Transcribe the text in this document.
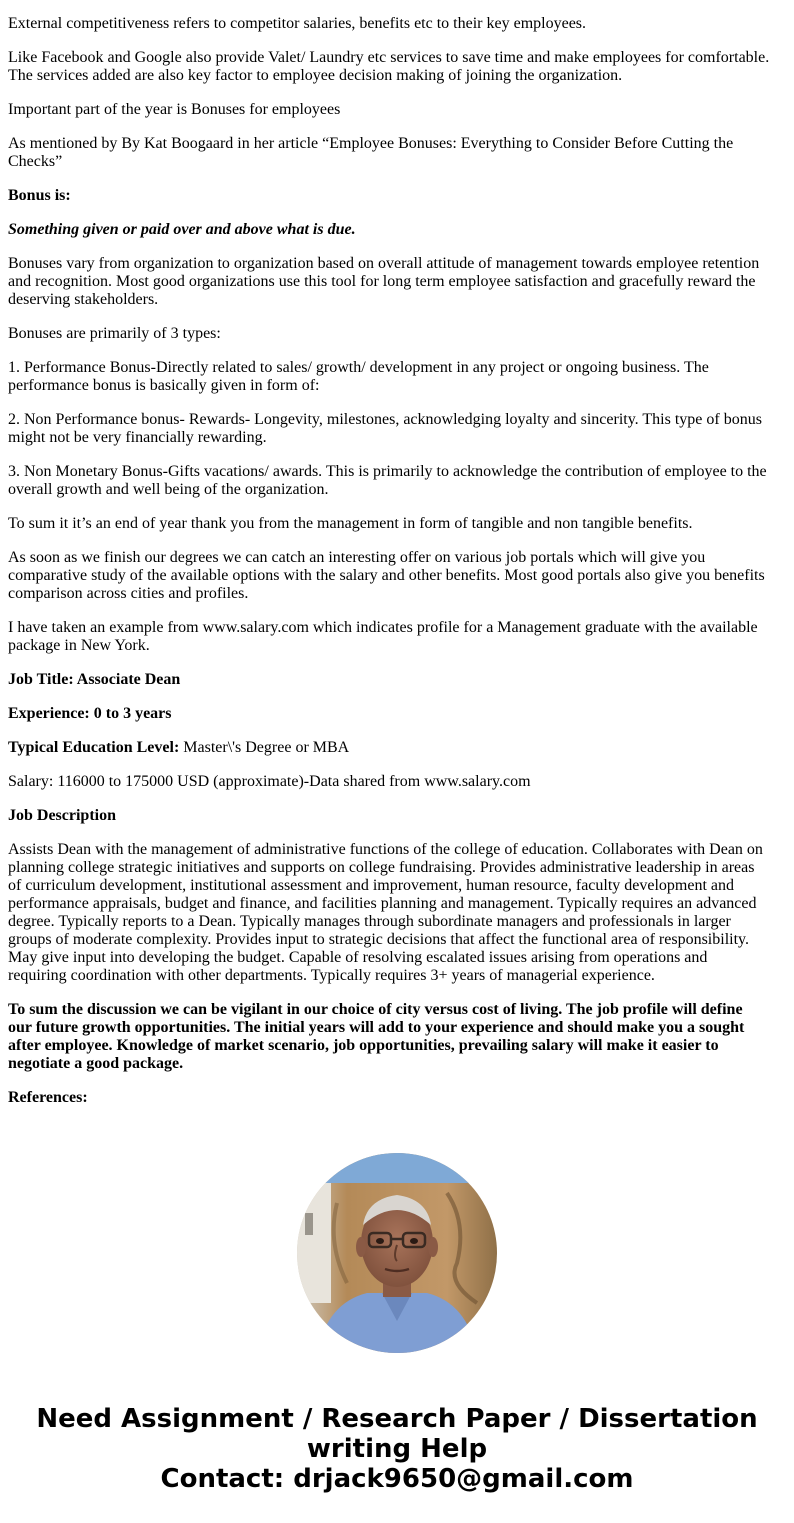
External competitiveness refers to competitor salaries, benefits etc to their key employees.

Like Facebook and Google also provide Valet/ Laundry etc services to save time and make employees for comfortable. The services added are also key factor to employee decision making of joining the organization.

Important part of the year is Bonuses for employees

As mentioned by By Kat Boogaard in her article “Employee Bonuses: Everything to Consider Before Cutting the Checks”

Bonus is:

Something given or paid over and above what is due.

Bonuses vary from organization to organization based on overall attitude of management towards employee retention and recognition. Most good organizations use this tool for long term employee satisfaction and gracefully reward the deserving stakeholders.

Bonuses are primarily of 3 types:

1. Performance Bonus-Directly related to sales/ growth/ development in any project or ongoing business. The performance bonus is basically given in form of:

2. Non Performance bonus- Rewards- Longevity, milestones, acknowledging loyalty and sincerity. This type of bonus might not be very financially rewarding.

3. Non Monetary Bonus-Gifts vacations/ awards. This is primarily to acknowledge the contribution of employee to the overall growth and well being of the organization.

To sum it it’s an end of year thank you from the management in form of tangible and non tangible benefits.

As soon as we finish our degrees we can catch an interesting offer on various job portals which will give you comparative study of the available options with the salary and other benefits. Most good portals also give you benefits comparison across cities and profiles.

I have taken an example from www.salary.com which indicates profile for a Management graduate with the available package in New York.

Job Title: Associate Dean

Experience: 0 to 3 years

Typical Education Level: Master\'s Degree or MBA

Salary: 116000 to 175000 USD (approximate)-Data shared from www.salary.com

Job Description

Assists Dean with the management of administrative functions of the college of education. Collaborates with Dean on planning college strategic initiatives and supports on college fundraising. Provides administrative leadership in areas of curriculum development, institutional assessment and improvement, human resource, faculty development and performance appraisals, budget and finance, and facilities planning and management. Typically requires an advanced degree. Typically reports to a Dean. Typically manages through subordinate managers and professionals in larger groups of moderate complexity. Provides input to strategic decisions that affect the functional area of responsibility. May give input into developing the budget. Capable of resolving escalated issues arising from operations and requiring coordination with other departments. Typically requires 3+ years of managerial experience.

To sum the discussion we can be vigilant in our choice of city versus cost of living. The job profile will define our future growth opportunities. The initial years will add to your experience and should make you a sought after employee. Knowledge of market scenario, job opportunities, prevailing salary will make it easier to negotiate a good package.

References:

Need Assignment / Research Paper / Dissertation writing Help
Contact: drjack9650@gmail.com
